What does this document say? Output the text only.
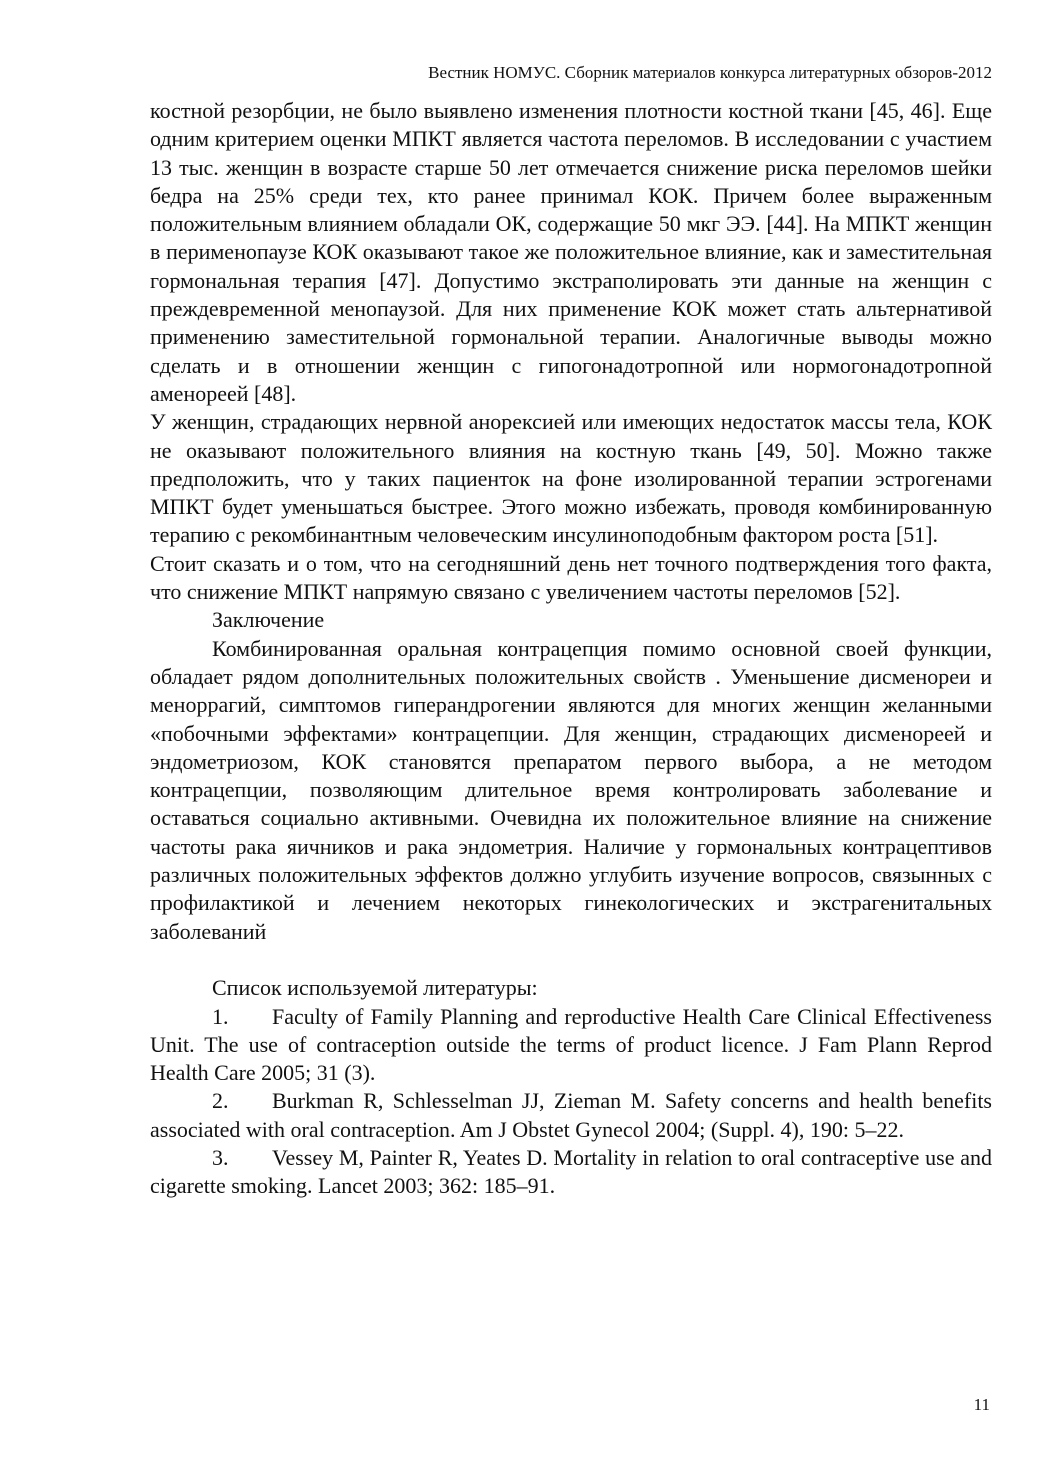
Вестник НОМУС. Сборник материалов конкурса литературных обзоров-2012

костной резорбции, не было выявлено изменения плотности костной ткани [45, 46]. Еще одним критерием оценки МПКТ является частота переломов. В исследовании с участием 13 тыс. женщин в возрасте старше 50 лет отмечается снижение риска переломов шейки бедра на 25% среди тех, кто ранее принимал КОК. Причем более выраженным положительным влиянием обладали ОК, содержащие 50 мкг ЭЭ. [44]. На МПКТ женщин в перименопаузе КОК оказывают такое же положительное влияние, как и заместительная гормональная терапия [47]. Допустимо экстраполировать эти данные на женщин с преждевременной менопаузой. Для них применение КОК может стать альтернативой применению заместительной гормональной терапии. Аналогичные выводы можно сделать и в отношении женщин с гипогонадотропной или нормогонадотропной аменореей [48].

У женщин, страдающих нервной анорексией или имеющих недостаток массы тела, КОК не оказывают положительного влияния на костную ткань [49, 50]. Можно также предположить, что у таких пациенток на фоне изолированной терапии эстрогенами МПКТ будет уменьшаться быстрее. Этого можно избежать, проводя комбинированную терапию с рекомбинантным человеческим инсулиноподобным фактором роста [51].

Стоит сказать и о том, что на сегодняшний день нет точного подтверждения того факта, что снижение МПКТ напрямую связано с увеличением частоты переломов [52].

Заключение

Комбинированная оральная контрацепция помимо основной своей функции, обладает рядом дополнительных положительных свойств . Уменьшение дисменореи и меноррагий, симптомов гиперандрогении являются для многих женщин желанными «побочными эффектами» контрацепции. Для женщин, страдающих дисменореей и эндометриозом, КОК становятся препаратом первого выбора, а не методом контрацепции, позволяющим длительное время контролировать заболевание и оставаться социально активными. Очевидна их положительное влияние на снижение частоты рака яичников и рака эндометрия. Наличие у гормональных контрацептивов различных положительных эффектов должно углубить изучение вопросов, связынных с профилактикой и лечением некоторых гинекологических и экстрагенитальных заболеваний

Список используемой литературы:

1. Faculty of Family Planning and reproductive Health Care Clinical Effectiveness Unit. The use of contraception outside the terms of product licence. J Fam Plann Reprod Health Care 2005; 31 (3).

2. Burkman R, Schlesselman JJ, Zieman M. Safety concerns and health benefits associated with oral contraception. Am J Obstet Gynecol 2004; (Suppl. 4), 190: 5–22.

3. Vessey M, Painter R, Yeates D. Mortality in relation to oral contraceptive use and cigarette smoking. Lancet 2003; 362: 185–91.

11
